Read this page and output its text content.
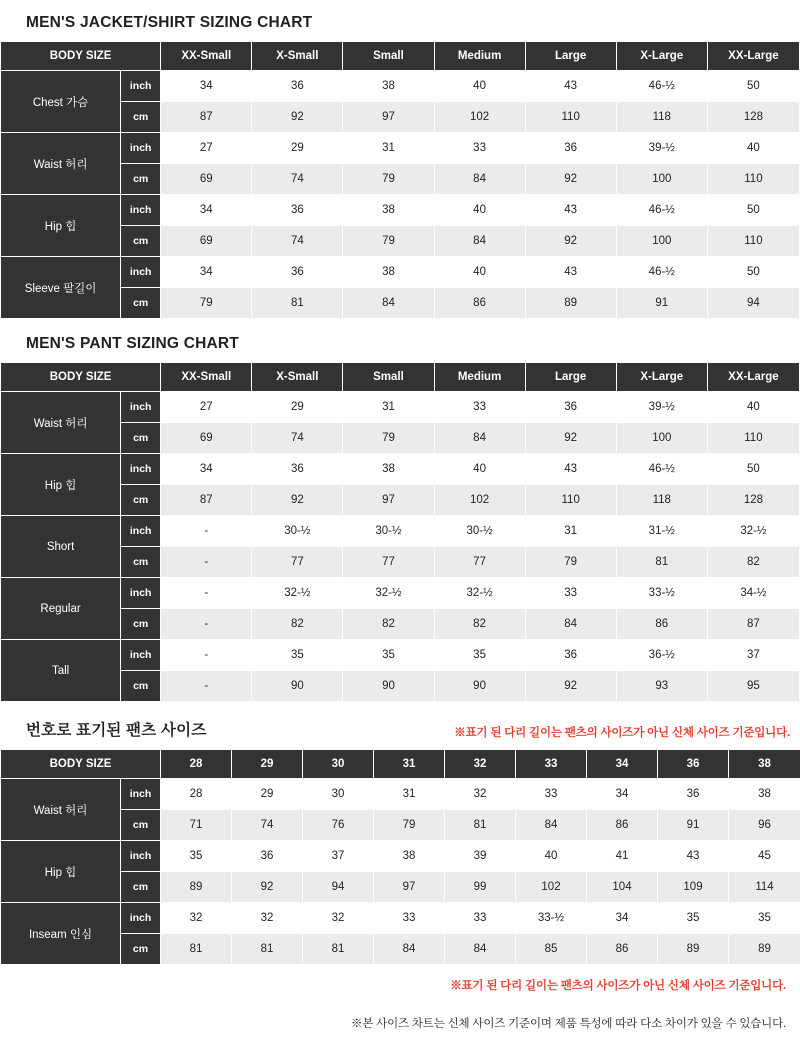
MEN'S JACKET/SHIRT SIZING CHART
BODY SIZE		XX-Small	X-Small	Small	Medium	Large	X-Large	XX-Large
Chest 가슴	inch	34	36	38	40	43	46-½	50
	cm	87	92	97	102	110	118	128
Waist 허리	inch	27	29	31	33	36	39-½	40
	cm	69	74	79	84	92	100	110
Hip 힙	inch	34	36	38	40	43	46-½	50
	cm	69	74	79	84	92	100	110
Sleeve 팔길이	inch	34	36	38	40	43	46-½	50
	cm	79	81	84	86	89	91	94
MEN'S PANT SIZING CHART
BODY SIZE		XX-Small	X-Small	Small	Medium	Large	X-Large	XX-Large
Waist 허리	inch	27	29	31	33	36	39-½	40
	cm	69	74	79	84	92	100	110
Hip 힙	inch	34	36	38	40	43	46-½	50
	cm	87	92	97	102	110	118	128
Short	inch	-	30-½	30-½	30-½	31	31-½	32-½
	cm	-	77	77	77	79	81	82
Regular	inch	-	32-½	32-½	32-½	33	33-½	34-½
	cm	-	82	82	82	84	86	87
Tall	inch	-	35	35	35	36	36-½	37
	cm	-	90	90	90	92	93	95
번호로 표기된 팬츠 사이즈	※표기 된 다리 길이는 팬츠의 사이즈가 아닌 신체 사이즈 기준입니다.
BODY SIZE		28	29	30	31	32	33	34	36	38
Waist 허리	inch	28	29	30	31	32	33	34	36	38
	cm	71	74	76	79	81	84	86	91	96
Hip 힙	inch	35	36	37	38	39	40	41	43	45
	cm	89	92	94	97	99	102	104	109	114
Inseam 인심	inch	32	32	32	33	33	33-½	34	35	35
	cm	81	81	81	84	84	85	86	89	89
※표기 된 다리 길이는 팬츠의 사이즈가 아닌 신체 사이즈 기준입니다.
※본 사이즈 차트는 신체 사이즈 기준이며 제품 특성에 따라 다소 차이가 있을 수 있습니다.
